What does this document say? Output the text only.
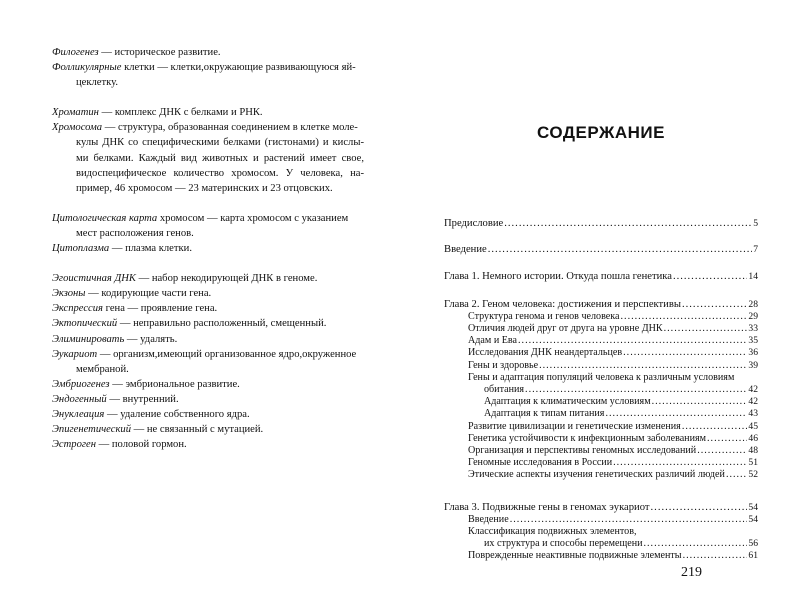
Филогенез — историческое развитие.
Фолликулярные клетки — клетки,окружающие развивающуюся яй-
цеклетку.
Хроматин — комплекс ДНК с белками и РНК.
Хромосома — структура, образованная соединением в клетке моле-
кулы ДНК со специфическими белками (гистонами) и кислы- ми белками. Каждый вид животных и растений имеет свое, видоспецифическое количество хромосом. У человека, на- пример, 46 хромосом — 23 материнских и 23 отцовских.
Цитологическая карта хромосом — карта хромосом с указанием
мест расположения генов.
Цитоплазма — плазма клетки.
Эгоистичная ДНК — набор некодирующей ДНК в геноме.
Экзоны — кодирующие части гена.
Экспрессия гена — проявление гена.
Эктопический — неправильно расположенный, смещенный.
Элиминировать — удалять.
Эукариот — организм,имеющий организованное ядро,окруженное
мембраной.
Эмбриогенез — эмбриональное развитие.
Эндогенный — внутренний.
Энуклеация — удаление собственного ядра.
Эпигенетический — не связанный с мутацией.
Эстроген — половой гормон.
СОДЕРЖАНИЕ
Предисловие .....	5
Введение .....	7
Глава 1. Немного истории. Откуда пошла генетика .....	14
Глава 2. Геном человека: достижения и перспективы .....	28
Структура генома и генов человека .....	29
Отличия людей друг от друга на уровне ДНК .....	33
Адам и Ева .....	35
Исследования ДНК неандертальцев .....	36
Гены и здоровье .....	39
Гены и адаптация популяций человека к различным условиям
обитания .....	42
Адаптация к климатическим условиям .....	42
Адаптация к типам питания .....	43
Развитие цивилизации и генетические изменения .....	45
Генетика устойчивости к инфекционным заболеваниям .....	46
Организация и перспективы геномных исследований .....	48
Геномные исследования в России .....	51
Этические аспекты изучения генетических различий людей ..... 52
Глава 3. Подвижные гены в геномах эукариот .....	54
Введение .....	54
Классификация подвижных элементов,
их структура и способы перемещени .....	56
Поврежденные неактивные подвижные элементы .....	61
219
